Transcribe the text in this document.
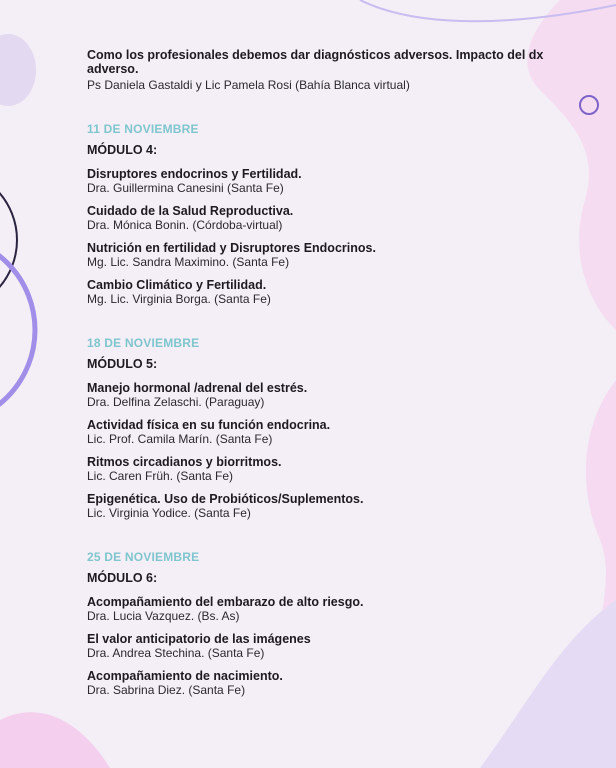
Como los profesionales debemos dar diagnósticos adversos. Impacto del dx adverso.
Ps Daniela Gastaldi y Lic Pamela Rosi (Bahía Blanca virtual)
11 DE NOVIEMBRE
MÓDULO 4:
Disruptores endocrinos y Fertilidad.
Dra. Guillermina Canesini (Santa Fe)
Cuidado de la Salud Reproductiva.
Dra. Mónica Bonin. (Córdoba-virtual)
Nutrición en fertilidad y Disruptores Endocrinos.
Mg. Lic. Sandra Maximino. (Santa Fe)
Cambio Climático y Fertilidad.
Mg. Lic. Virginia Borga. (Santa Fe)
18 DE NOVIEMBRE
MÓDULO 5:
Manejo hormonal /adrenal del estrés.
Dra. Delfina Zelaschi. (Paraguay)
Actividad física en su función endocrina.
Lic. Prof. Camila Marín. (Santa Fe)
Ritmos circadianos y biorritmos.
Lic. Caren Früh. (Santa Fe)
Epigenética. Uso de Probióticos/Suplementos.
Lic. Virginia Yodice. (Santa Fe)
25 DE NOVIEMBRE
MÓDULO 6:
Acompañamiento del embarazo de alto riesgo.
Dra. Lucia Vazquez. (Bs. As)
El valor anticipatorio de las imágenes
Dra. Andrea Stechina. (Santa Fe)
Acompañamiento de nacimiento.
Dra. Sabrina Diez. (Santa Fe)
